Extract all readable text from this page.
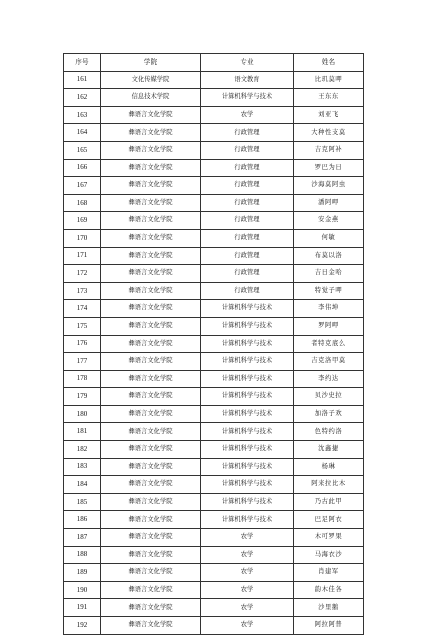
序号	学院	专业	姓名
161	文化传媒学院	语文教育	比玑莫呷
162	信息技术学院	计算机科学与技术	王东东
163	彝语言文化学院	农学	刘亚飞
164	彝语言文化学院	行政管理	大种性支莫
165	彝语言文化学院	行政管理	吉克阿补
166	彝语言文化学院	行政管理	罗巴为日
167	彝语言文化学院	行政管理	沙海莫阿虫
168	彝语言文化学院	行政管理	潘阿呷
169	彝语言文化学院	行政管理	安金燕
170	彝语言文化学院	行政管理	何敏
171	彝语言文化学院	行政管理	布莫以洛
172	彝语言文化学院	行政管理	吉日金哈
173	彝语言文化学院	行政管理	特觉子呷
174	彝语言文化学院	计算机科学与技术	李伟坤
175	彝语言文化学院	计算机科学与技术	罗阿呷
176	彝语言文化学院	计算机科学与技术	者特克底么
177	彝语言文化学院	计算机科学与技术	吉克洛甲莫
178	彝语言文化学院	计算机科学与技术	李约达
179	彝语言文化学院	计算机科学与技术	贝沙史拉
180	彝语言文化学院	计算机科学与技术	加洛子欢
181	彝语言文化学院	计算机科学与技术	色特约洛
182	彝语言文化学院	计算机科学与技术	沈鑫捷
183	彝语言文化学院	计算机科学与技术	杨琳
184	彝语言文化学院	计算机科学与技术	阿来拉比木
185	彝语言文化学院	计算机科学与技术	乃古此甲
186	彝语言文化学院	计算机科学与技术	巴足阿衣
187	彝语言文化学院	农学	木可罗果
188	彝语言文化学院	农学	马海衣沙
189	彝语言文化学院	农学	肖建军
190	彝语言文化学院	农学	韵木佳各
191	彝语言文化学院	农学	沙里鹅
192	彝语言文化学院	农学	阿拉阿普
